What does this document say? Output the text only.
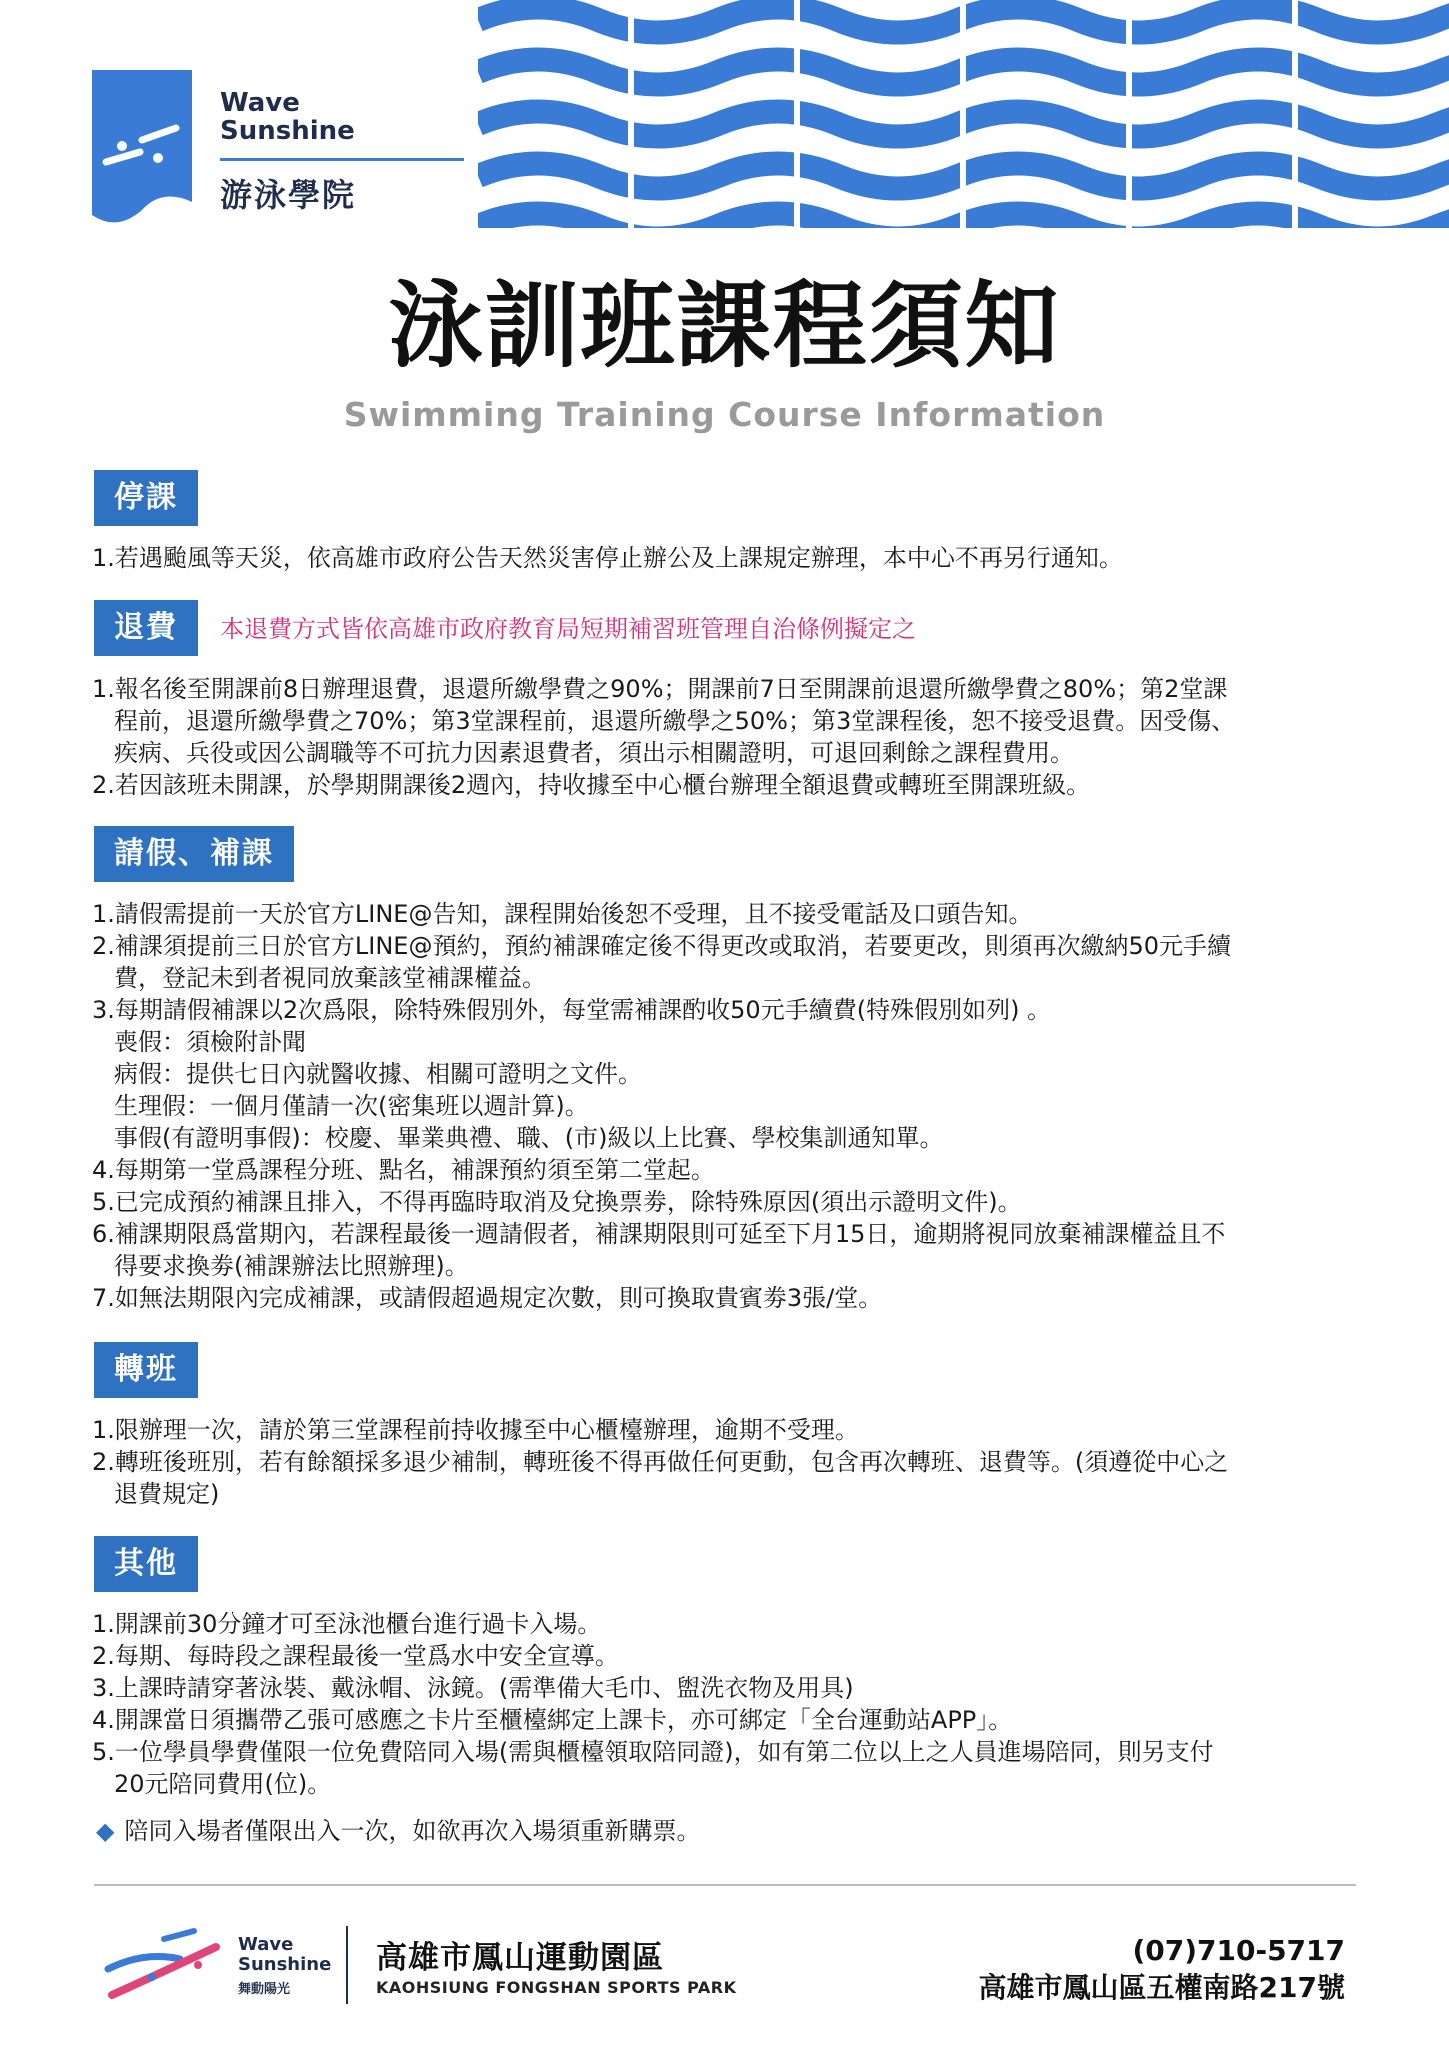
Wave
Sunshine
游泳學院
泳訓班課程須知
Swimming Training Course Information
停課
1.若遇颱風等天災，依高雄市政府公告天然災害停止辦公及上課規定辦理，本中心不再另行通知。
退費	本退費方式皆依高雄市政府教育局短期補習班管理自治條例擬定之
1.報名後至開課前8日辦理退費，退還所繳學費之90%；開課前7日至開課前退還所繳學費之80%；第2堂課
程前，退還所繳學費之70%；第3堂課程前，退還所繳學之50%；第3堂課程後，恕不接受退費。因受傷、
疾病、兵役或因公調職等不可抗力因素退費者，須出示相關證明，可退回剩餘之課程費用。
2.若因該班未開課，於學期開課後2週內，持收據至中心櫃台辦理全額退費或轉班至開課班級。
請假、補課
1.請假需提前一天於官方LINE@告知，課程開始後恕不受理，且不接受電話及口頭告知。
2.補課須提前三日於官方LINE@預約，預約補課確定後不得更改或取消，若要更改，則須再次繳納50元手續
費，登記未到者視同放棄該堂補課權益。
3.每期請假補課以2次爲限，除特殊假別外，每堂需補課酌收50元手續費(特殊假別如列) 。
喪假：須檢附訃聞
病假：提供七日內就醫收據、相關可證明之文件。
生理假：一個月僅請一次(密集班以週計算)。
事假(有證明事假)：校慶、畢業典禮、職、(市)級以上比賽、學校集訓通知單。
4.每期第一堂爲課程分班、點名，補課預約須至第二堂起。
5.已完成預約補課且排入，不得再臨時取消及兌換票劵，除特殊原因(須出示證明文件)。
6.補課期限爲當期內，若課程最後一週請假者，補課期限則可延至下月15日，逾期將視同放棄補課權益且不
得要求換劵(補課辦法比照辦理)。
7.如無法期限內完成補課，或請假超過規定次數，則可換取貴賓劵3張/堂。
轉班
1.限辦理一次，請於第三堂課程前持收據至中心櫃檯辦理，逾期不受理。
2.轉班後班別，若有餘額採多退少補制，轉班後不得再做任何更動，包含再次轉班、退費等。(須遵從中心之
退費規定)
其他
1.開課前30分鐘才可至泳池櫃台進行過卡入場。
2.每期、每時段之課程最後一堂爲水中安全宣導。
3.上課時請穿著泳裝、戴泳帽、泳鏡。(需準備大毛巾、盥洗衣物及用具)
4.開課當日須攜帶乙張可感應之卡片至櫃檯綁定上課卡，亦可綁定「全台運動站APP」。
5.一位學員學費僅限一位免費陪同入場(需與櫃檯領取陪同證)，如有第二位以上之人員進場陪同，則另支付
20元陪同費用(位)。
◆ 陪同入場者僅限出入一次，如欲再次入場須重新購票。
Wave
Sunshine
舞動陽光
高雄市鳳山運動園區
KAOHSIUNG FONGSHAN SPORTS PARK
(07)710-5717
高雄市鳳山區五權南路217號
